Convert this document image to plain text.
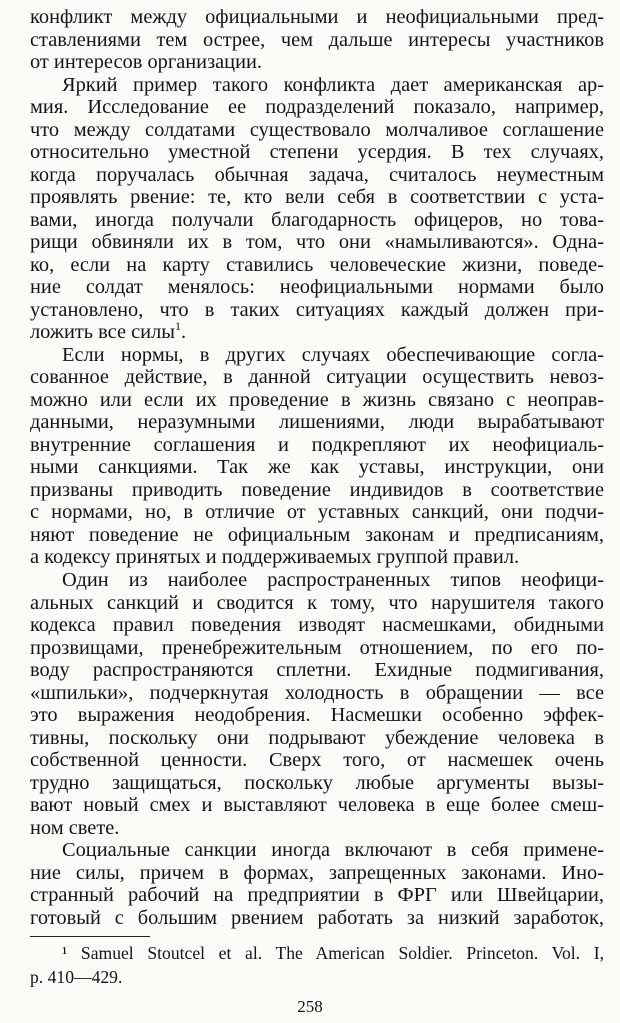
конфликт между официальными и неофициальными пред-
ставлениями тем острее, чем дальше интересы участников
от интересов организации.
Яркий пример такого конфликта дает американская ар-
мия. Исследование ее подразделений показало, например,
что между солдатами существовало молчаливое соглашение
относительно уместной степени усердия. В тех случаях,
когда поручалась обычная задача, считалось неуместным
проявлять рвение: те, кто вели себя в соответствии с уста-
вами, иногда получали благодарность офицеров, но това-
рищи обвиняли их в том, что они «намыливаются». Одна-
ко, если на карту ставились человеческие жизни, поведе-
ние солдат менялось: неофициальными нормами было
установлено, что в таких ситуациях каждый должен при-
ложить все силы$^1$.
Если нормы, в других случаях обеспечивающие согла-
сованное действие, в данной ситуации осуществить невоз-
можно или если их проведение в жизнь связано с неоправ-
данными, неразумными лишениями, люди вырабатывают
внутренние соглашения и подкрепляют их неофициаль-
ными санкциями. Так же как уставы, инструкции, они
призваны приводить поведение индивидов в соответствие
с нормами, но, в отличие от уставных санкций, они подчи-
няют поведение не официальным законам и предписаниям,
а кодексу принятых и поддерживаемых группой правил.
Один из наиболее распространенных типов неофици-
альных санкций и сводится к тому, что нарушителя такого
кодекса правил поведения изводят насмешками, обидными
прозвищами, пренебрежительным отношением, по его по-
воду распространяются сплетни. Ехидные подмигивания,
«шпильки», подчеркнутая холодность в обращении — все
это выражения неодобрения. Насмешки особенно эффек-
тивны, поскольку они подрывают убеждение человека в
собственной ценности. Сверх того, от насмешек очень
трудно защищаться, поскольку любые аргументы вызы-
вают новый смех и выставляют человека в еще более смеш-
ном свете.
Социальные санкции иногда включают в себя примене-
ние силы, причем в формах, запрещенных законами. Ино-
странный рабочий на предприятии в ФРГ или Швейцарии,
готовый с большим рвением работать за низкий заработок,
¹ Samuel Stoutcel et al. The American Soldier. Princeton. Vol. I,
p. 410—429.
258
